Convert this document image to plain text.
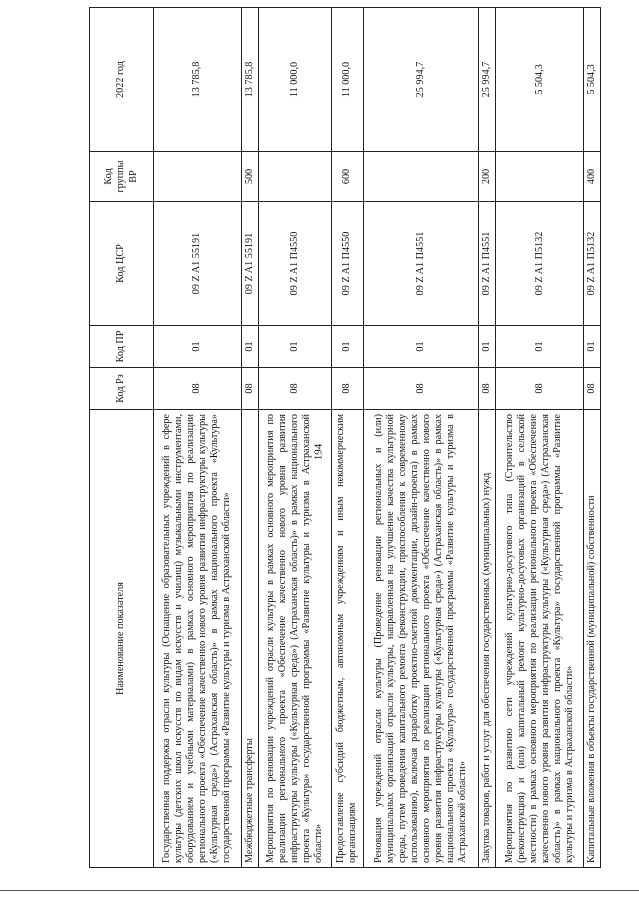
194
Наименование показателя	Код Рз	Код ПР	Код ЦСР	Код группы ВР	2022 год
Государственная поддержка отрасли культуры (Оснащение образовательных учреждений в сфере культуры (детских школ искусств по видам искусств и училищ) музыкальными инструментами, оборудованием и учебными материалами) в рамках основного мероприятия по реализации регионального проекта «Обеспечение качественно нового уровня развития инфраструктуры культуры («Культурная среда») (Астраханская область)» в рамках национального проекта «Культура» государственной программы «Развитие культуры и туризма в Астраханской области»	08	01	09 Z A1 55191		13 785,8
Межбюджетные трансферты	08	01	09 Z A1 55191	500	13 785,8
Мероприятия по реновации учреждений отрасли культуры в рамках основного мероприятия по реализации регионального проекта «Обеспечение качественно нового уровня развития инфраструктуры культуры («Культурная среда») (Астраханская область)» в рамках национального проекта «Культура» государственной программы «Развитие культуры и туризма в Астраханской области»	08	01	09 Z A1 П4550		11 000,0
Предоставление субсидий бюджетным, автономным учреждениям и иным некоммерческим организациям	08	01	09 Z A1 П4550	600	11 000,0
Реновация учреждений отрасли культуры (Проведение реновации региональных и (или) муниципальных организаций отрасли культуры, направленная на улучшение качества культурной среды, путем проведения капитального ремонта (реконструкции, приспособления к современному использованию), включая разработку проектно-сметной документации, дизайн-проекта) в рамках основного мероприятия по реализации регионального проекта «Обеспечение качественно нового уровня развития инфраструктуры культуры («Культурная среда») (Астраханская область)» в рамках национального проекта «Культура» государственной программы «Развитие культуры и туризма в Астраханской области»	08	01	09 Z A1 П4551		25 994,7
Закупка товаров, работ и услуг для обеспечения государственных (муниципальных) нужд	08	01	09 Z A1 П4551	200	25 994,7
Мероприятия по развитию сети учреждений культурно-досугового типа (Строительство (реконструкция) и (или) капитальный ремонт культурно-досуговых организаций в сельской местности) в рамках основного мероприятия по реализации регионального проекта «Обеспечение качественно нового уровня развития инфраструктуры культуры («Культурная среда») (Астраханская область)» в рамках национального проекта «Культура» государственной программы «Развитие культуры и туризма в Астраханской области»	08	01	09 Z A1 П5132		5 504,3
Капитальные вложения в объекты государственной (муниципальной) собственности	08	01	09 Z A1 П5132	400	5 504,3
